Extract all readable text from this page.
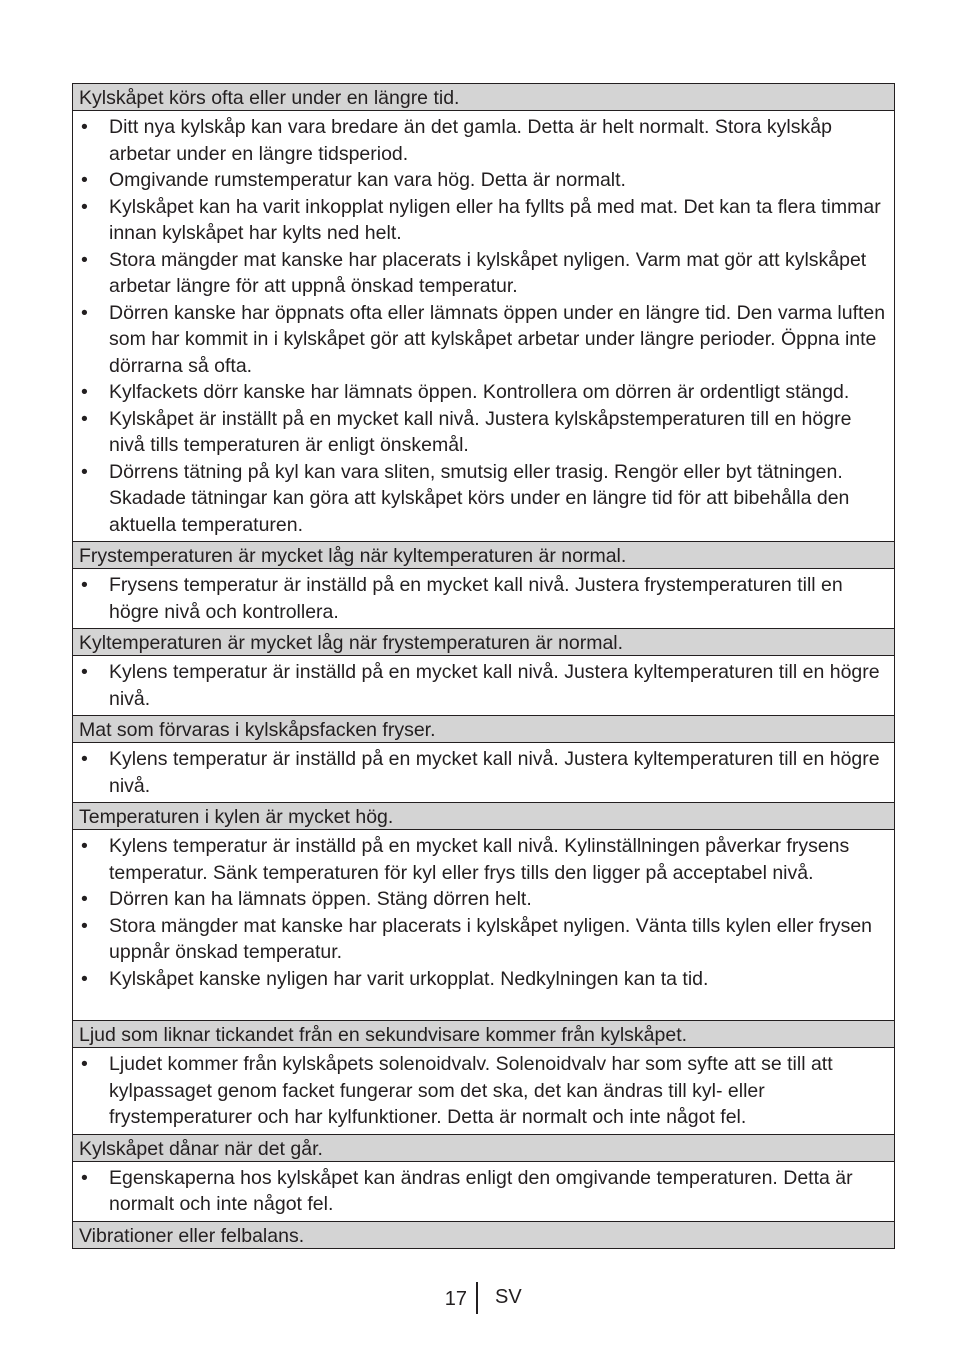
Kylskåpet körs ofta eller under en längre tid.
• Ditt nya kylskåp kan vara bredare än det gamla. Detta är helt normalt. Stora kylskåp arbetar under en längre tidsperiod.
• Omgivande rumstemperatur kan vara hög. Detta är normalt.
• Kylskåpet kan ha varit inkopplat nyligen eller ha fyllts på med mat. Det kan ta flera timmar innan kylskåpet har kylts ned helt.
• Stora mängder mat kanske har placerats i kylskåpet nyligen. Varm mat gör att kylskåpet arbetar längre för att uppnå önskad temperatur.
• Dörren kanske har öppnats ofta eller lämnats öppen under en längre tid. Den varma luften som har kommit in i kylskåpet gör att kylskåpet arbetar under längre perioder. Öppna inte dörrarna så ofta.
• Kylfackets dörr kanske har lämnats öppen. Kontrollera om dörren är ordentligt stängd.
• Kylskåpet är inställt på en mycket kall nivå. Justera kylskåpstemperaturen till en högre nivå tills temperaturen är enligt önskemål.
• Dörrens tätning på kyl kan vara sliten, smutsig eller trasig. Rengör eller byt tätningen. Skadade tätningar kan göra att kylskåpet körs under en längre tid för att bibehålla den aktuella temperaturen.
Frystemperaturen är mycket låg när kyltemperaturen är normal.
• Frysens temperatur är inställd på en mycket kall nivå. Justera frystemperaturen till en högre nivå och kontrollera.
Kyltemperaturen är mycket låg när frystemperaturen är normal.
• Kylens temperatur är inställd på en mycket kall nivå. Justera kyltemperaturen till en högre nivå.
Mat som förvaras i kylskåpsfacken fryser.
• Kylens temperatur är inställd på en mycket kall nivå. Justera kyltemperaturen till en högre nivå.
Temperaturen i kylen är mycket hög.
• Kylens temperatur är inställd på en mycket kall nivå. Kylinställningen påverkar frysens temperatur. Sänk temperaturen för kyl eller frys tills den ligger på acceptabel nivå.
• Dörren kan ha lämnats öppen. Stäng dörren helt.
• Stora mängder mat kanske har placerats i kylskåpet nyligen. Vänta tills kylen eller frysen uppnår önskad temperatur.
• Kylskåpet kanske nyligen har varit urkopplat. Nedkylningen kan ta tid.
Ljud som liknar tickandet från en sekundvisare kommer från kylskåpet.
• Ljudet kommer från kylskåpets solenoidvalv. Solenoidvalv har som syfte att se till att kylpassaget genom facket fungerar som det ska, det kan ändras till kyl- eller frystemperaturer och har kylfunktioner. Detta är normalt och inte något fel.
Kylskåpet dånar när det går.
• Egenskaperna hos kylskåpet kan ändras enligt den omgivande temperaturen. Detta är normalt och inte något fel.
Vibrationer eller felbalans.
17 SV
